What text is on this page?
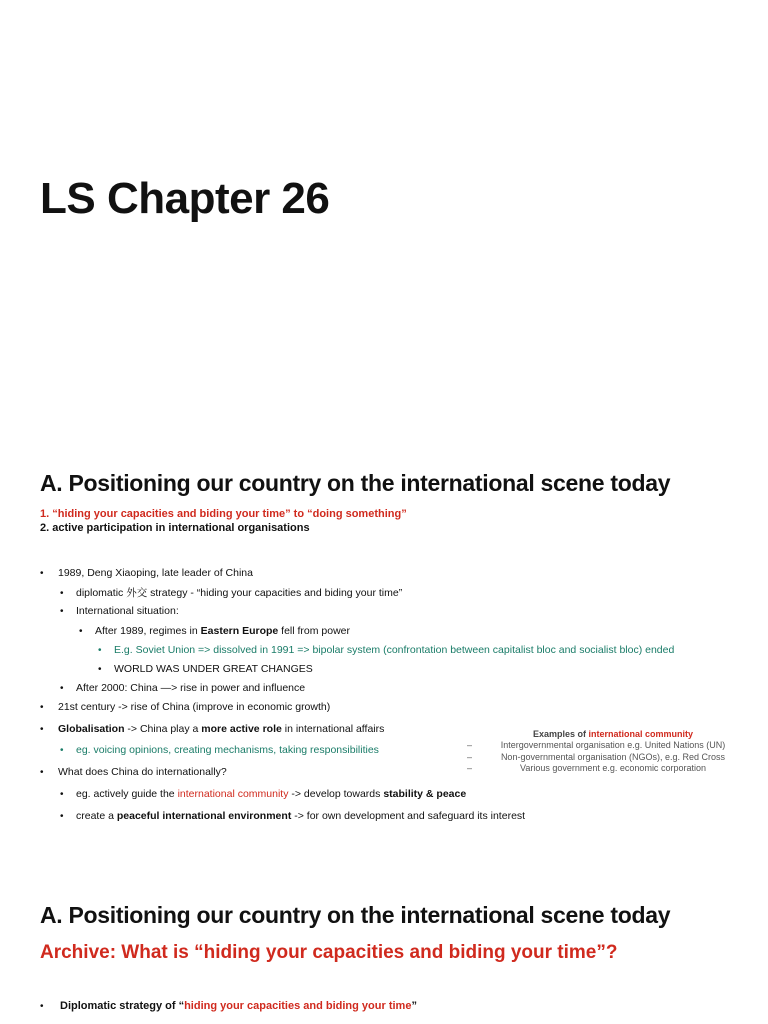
LS Chapter 26
A. Positioning our country on the international scene today
1. “hiding your capacities and biding your time” to “doing something”
2. active participation in international organisations
• 1989, Deng Xiaoping, late leader of China
• diplomatic 外交 strategy - “hiding your capacities and biding your time”
• International situation:
• After 1989, regimes in Eastern Europe fell from power
• E.g. Soviet Union => dissolved in 1991 => bipolar system (confrontation between capitalist bloc and socialist bloc) ended
• WORLD WAS UNDER GREAT CHANGES
• After 2000: China —> rise in power and influence
• 21st century -> rise of China (improve in economic growth)
• Globalisation -> China play a more active role in international affairs
• eg. voicing opinions, creating mechanisms, taking responsibilities
• What does China do internationally?
• eg. actively guide the international community -> develop towards stability & peace
• create a peaceful international environment -> for own development and safeguard its interest
Examples of international community
–	Intergovernmental organisation e.g. United Nations (UN)
–	Non-governmental organisation (NGOs), e.g. Red Cross
–	Various government e.g. economic corporation
A. Positioning our country on the international scene today
Archive: What is “hiding your capacities and biding your time”?
• Diplomatic strategy of “hiding your capacities and biding your time”
